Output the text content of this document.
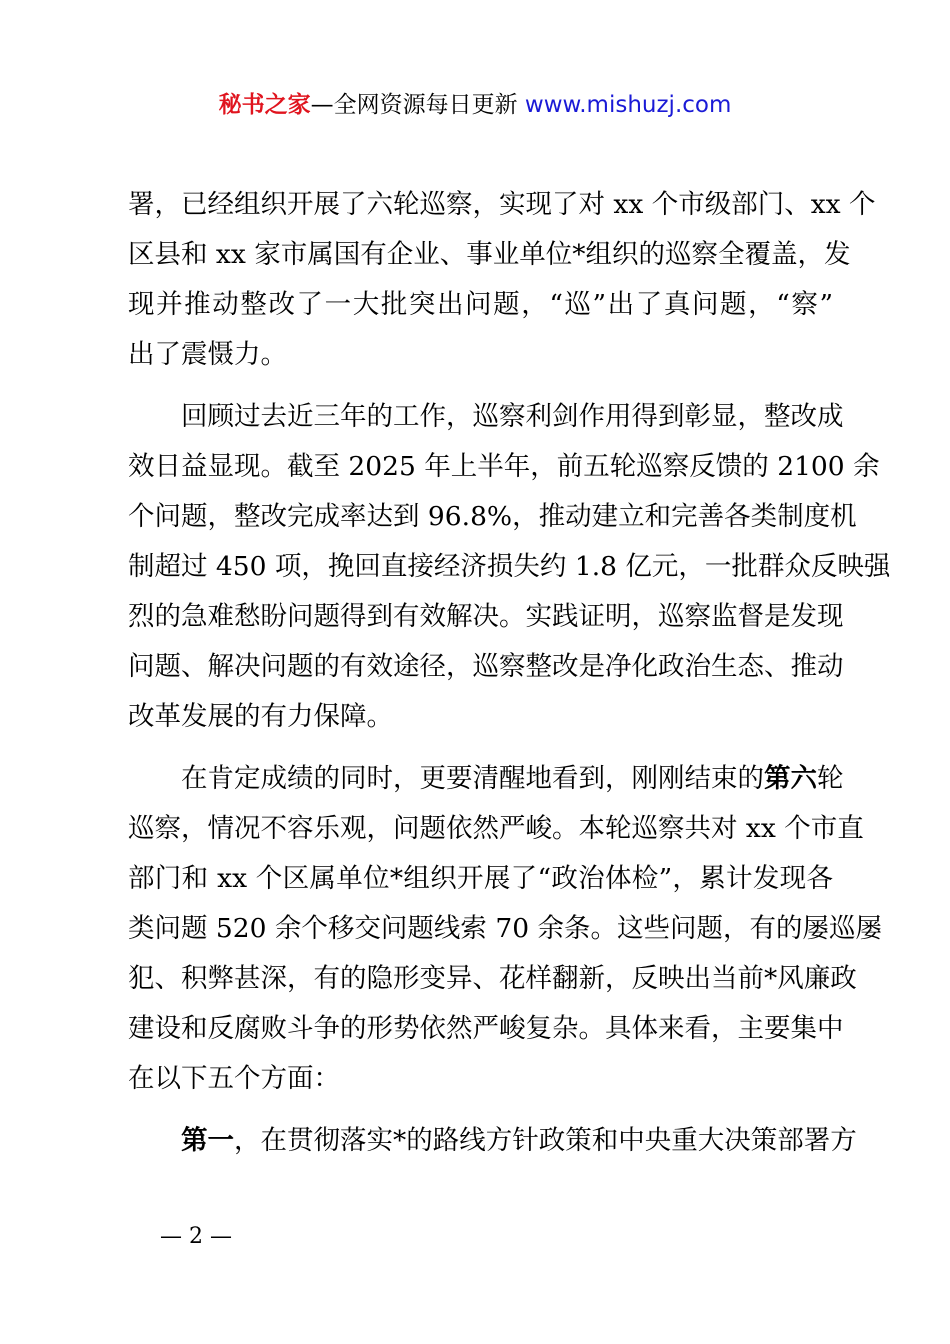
秘书之家—全网资源每日更新 www.mishuzj.com
署，已经组织开展了六轮巡察，实现了对 xx 个市级部门、xx 个
区县和 xx 家市属国有企业、事业单位*组织的巡察全覆盖，发
现并推动整改了一大批突出问题，“巡”出了真问题，“察”
出了震慑力。
　　回顾过去近三年的工作，巡察利剑作用得到彰显，整改成
效日益显现。截至 2025 年上半年，前五轮巡察反馈的 2100 余
个问题，整改完成率达到 96.8%，推动建立和完善各类制度机
制超过 450 项，挽回直接经济损失约 1.8 亿元，一批群众反映强
烈的急难愁盼问题得到有效解决。实践证明，巡察监督是发现
问题、解决问题的有效途径，巡察整改是净化政治生态、推动
改革发展的有力保障。
　　在肯定成绩的同时，更要清醒地看到，刚刚结束的第六轮
巡察，情况不容乐观，问题依然严峻。本轮巡察共对 xx 个市直
部门和 xx 个区属单位*组织开展了“政治体检”，累计发现各
类问题 520 余个移交问题线索 70 余条。这些问题，有的屡巡屡
犯、积弊甚深，有的隐形变异、花样翻新，反映出当前*风廉政
建设和反腐败斗争的形势依然严峻复杂。具体来看，主要集中
在以下五个方面：
　　第一，在贯彻落实*的路线方针政策和中央重大决策部署方
— 2 —
